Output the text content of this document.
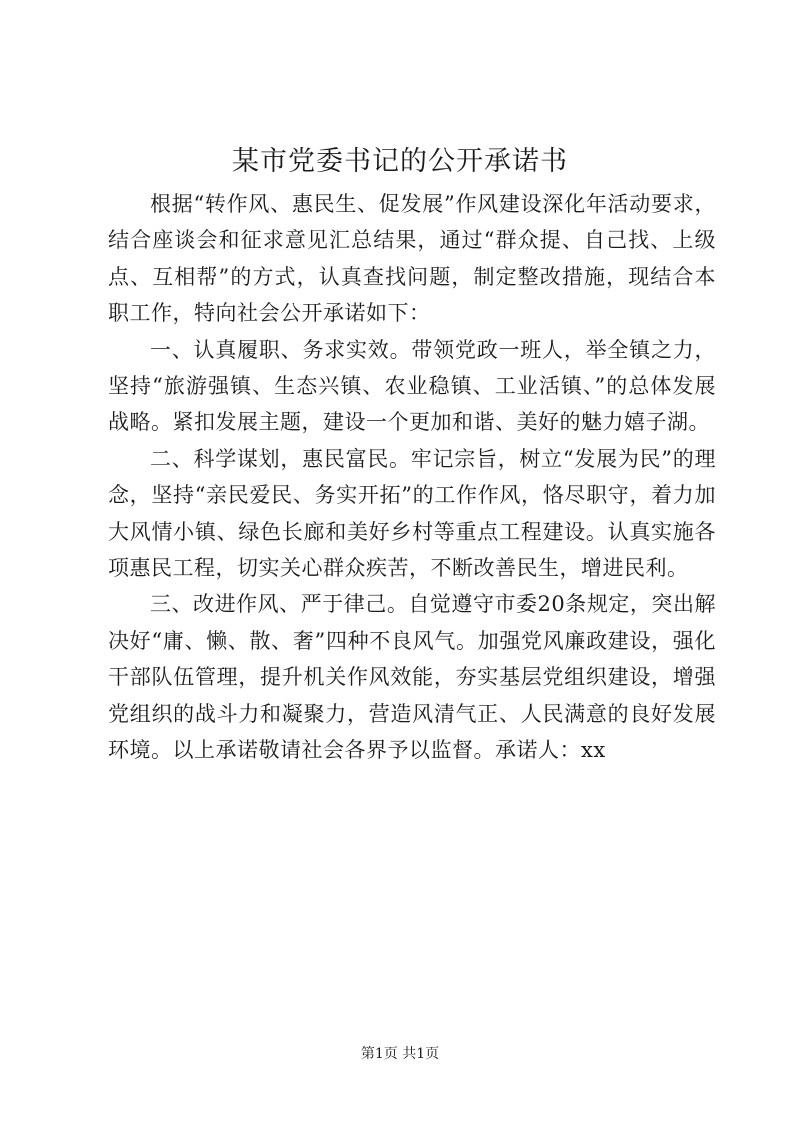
某市党委书记的公开承诺书

根据“转作风、惠民生、促发展”作风建设深化年活动要求，结合座谈会和征求意见汇总结果，通过“群众提、自己找、上级点、互相帮”的方式，认真查找问题，制定整改措施，现结合本职工作，特向社会公开承诺如下：

一、认真履职、务求实效。带领党政一班人，举全镇之力，坚持“旅游强镇、生态兴镇、农业稳镇、工业活镇、”的总体发展战略。紧扣发展主题，建设一个更加和谐、美好的魅力嬉子湖。

二、科学谋划，惠民富民。牢记宗旨，树立“发展为民”的理念，坚持“亲民爱民、务实开拓”的工作作风，恪尽职守，着力加大风情小镇、绿色长廊和美好乡村等重点工程建设。认真实施各项惠民工程，切实关心群众疾苦，不断改善民生，增进民利。

三、改进作风、严于律己。自觉遵守市委20条规定，突出解决好“庸、懒、散、奢”四种不良风气。加强党风廉政建设，强化干部队伍管理，提升机关作风效能，夯实基层党组织建设，增强党组织的战斗力和凝聚力，营造风清气正、人民满意的良好发展环境。以上承诺敬请社会各界予以监督。承诺人：xx

第1页 共1页
